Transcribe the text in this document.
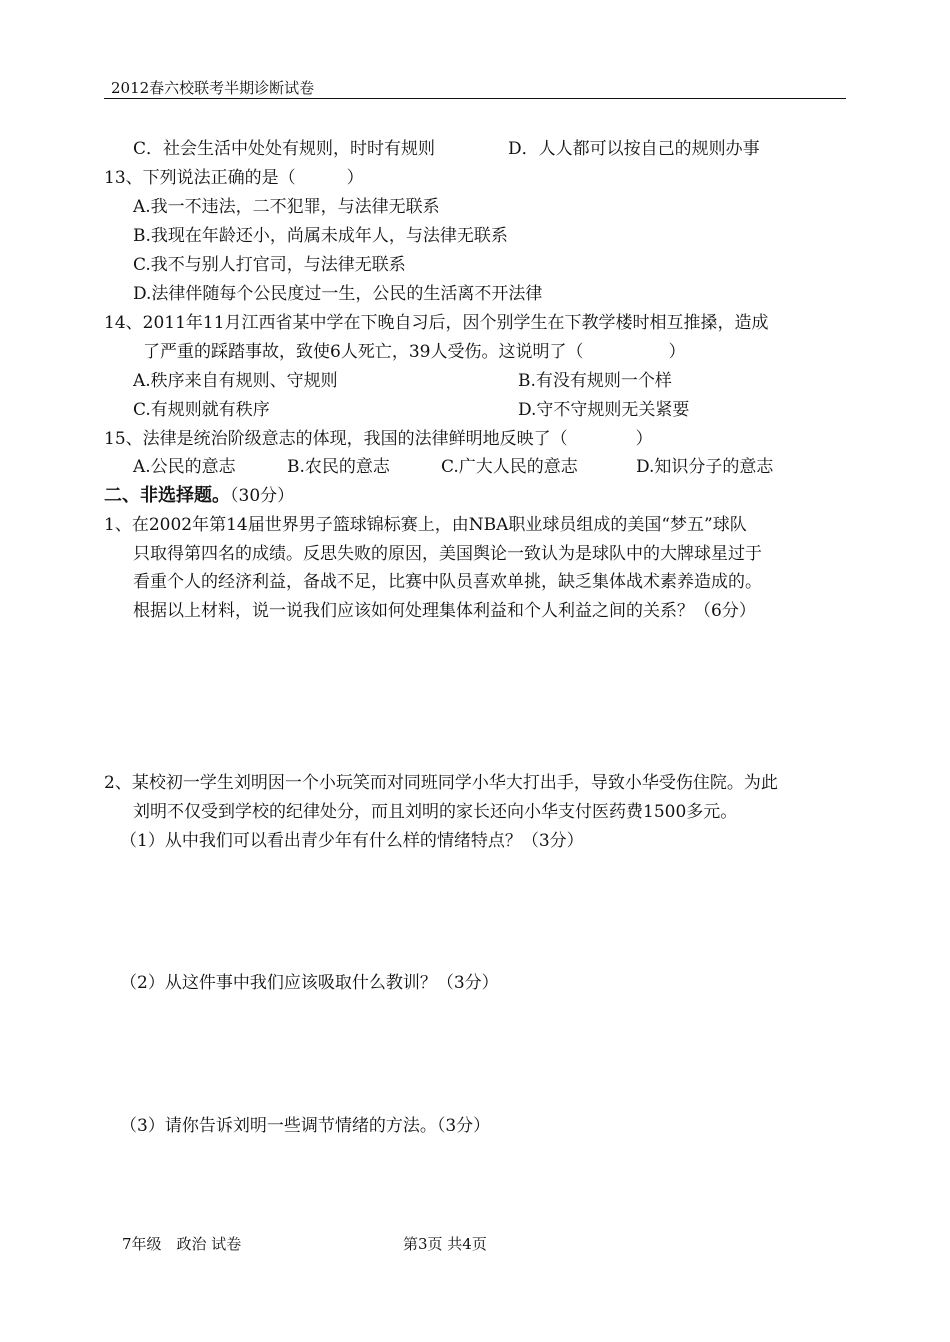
2012春六校联考半期诊断试卷
C．社会生活中处处有规则，时时有规则	D．人人都可以按自己的规则办事
13、下列说法正确的是（　　　）
A.我一不违法，二不犯罪，与法律无联系
B.我现在年龄还小，尚属未成年人，与法律无联系
C.我不与别人打官司，与法律无联系
D.法律伴随每个公民度过一生，公民的生活离不开法律
14、2011年11月江西省某中学在下晚自习后，因个别学生在下教学楼时相互推搡，造成
了严重的踩踏事故，致使6人死亡，39人受伤。这说明了（　　　　　）
A.秩序来自有规则、守规则	B.有没有规则一个样
C.有规则就有秩序	D.守不守规则无关紧要
15、法律是统治阶级意志的体现，我国的法律鲜明地反映了（　　　　）
A.公民的意志	B.农民的意志	C.广大人民的意志	D.知识分子的意志
1、在2002年第14届世界男子篮球锦标赛上，由NBA职业球员组成的美国“梦五”球队
只取得第四名的成绩。反思失败的原因，美国舆论一致认为是球队中的大牌球星过于
看重个人的经济利益，备战不足，比赛中队员喜欢单挑，缺乏集体战术素养造成的。
根据以上材料，说一说我们应该如何处理集体利益和个人利益之间的关系？（6分）
2、某校初一学生刘明因一个小玩笑而对同班同学小华大打出手，导致小华受伤住院。为此
刘明不仅受到学校的纪律处分，而且刘明的家长还向小华支付医药费1500多元。
（1）从中我们可以看出青少年有什么样的情绪特点？（3分）
（2）从这件事中我们应该吸取什么教训？（3分）
（3）请你告诉刘明一些调节情绪的方法。（3分）
二、非选择题。（30分）
7年级　政治 试卷	第3页 共4页
